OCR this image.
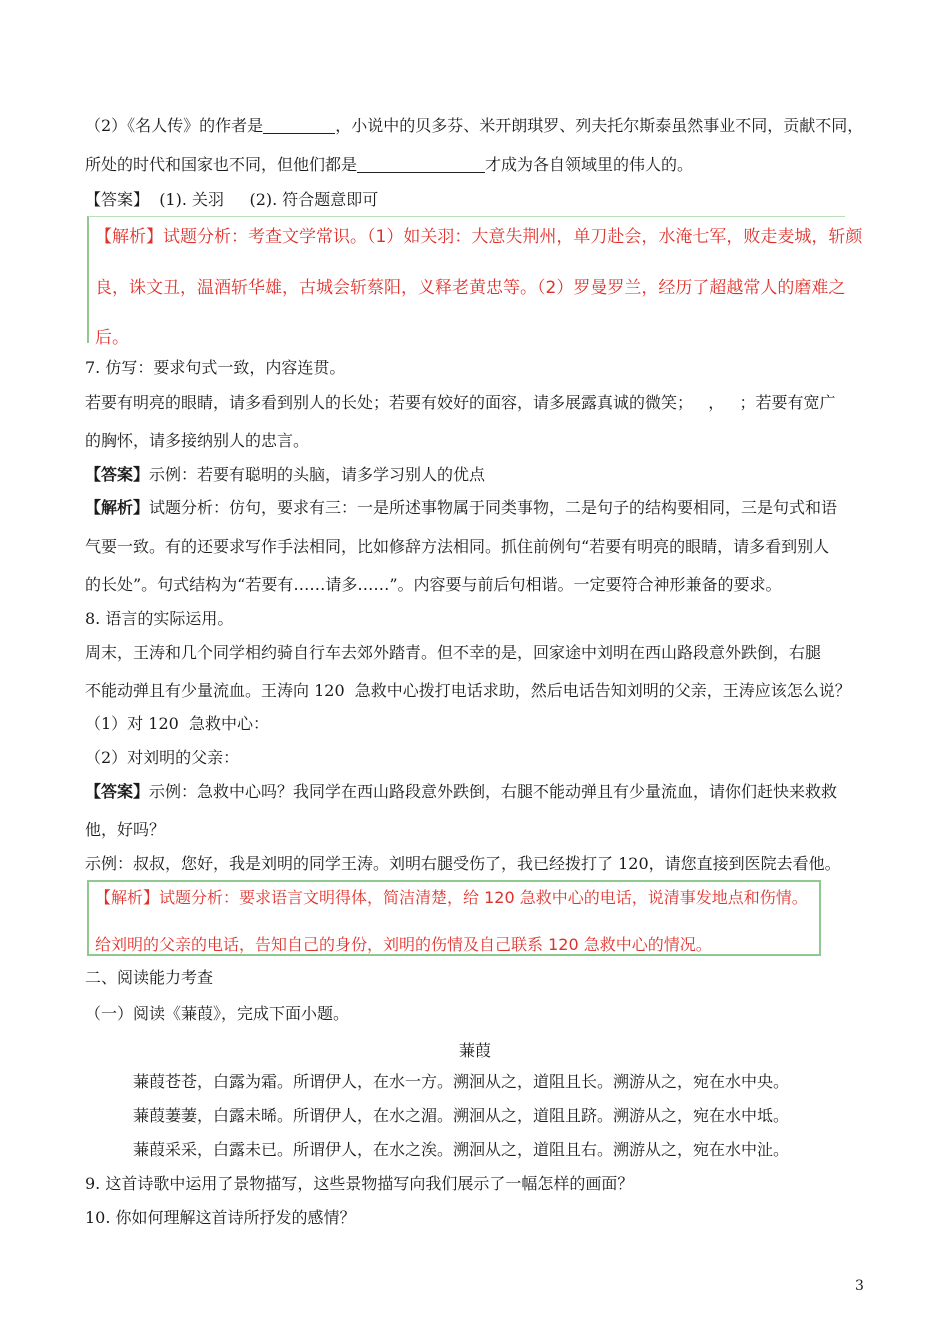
（2）《名人传》的作者是	，小说中的贝多芬、米开朗琪罗、列夫托尔斯泰虽然事业不同，贡献不同，
所处的时代和国家也不同，但他们都是	才成为各自领域里的伟人的。
【答案】  (1). 关羽     (2). 符合题意即可
【解析】试题分析：考查文学常识。（1）如关羽：大意失荆州，单刀赴会，水淹七军，败走麦城，斩颜
良，诛文丑，温酒斩华雄，古城会斩蔡阳，义释老黄忠等。（2）罗曼罗兰，经历了超越常人的磨难之
后。
7. 仿写：要求句式一致，内容连贯。
若要有明亮的眼睛，请多看到别人的长处；若要有姣好的面容，请多展露真诚的微笑；   ，   ；若要有宽广
的胸怀，请多接纳别人的忠言。
【答案】示例：若要有聪明的头脑，请多学习别人的优点
【解析】试题分析：仿句，要求有三：一是所述事物属于同类事物，二是句子的结构要相同，三是句式和语
气要一致。有的还要求写作手法相同，比如修辞方法相同。抓住前例句“若要有明亮的眼睛，请多看到别人
的长处”。句式结构为“若要有……请多……”。内容要与前后句相谐。一定要符合神形兼备的要求。
8. 语言的实际运用。
周末，王涛和几个同学相约骑自行车去郊外踏青。但不幸的是，回家途中刘明在西山路段意外跌倒，右腿
不能动弹且有少量流血。王涛向 120  急救中心拨打电话求助，然后电话告知刘明的父亲，王涛应该怎么说？
（1）对 120  急救中心：
（2）对刘明的父亲：
【答案】示例：急救中心吗？我同学在西山路段意外跌倒，右腿不能动弹且有少量流血，请你们赶快来救救
他，好吗？
示例：叔叔，您好，我是刘明的同学王涛。刘明右腿受伤了，我已经拨打了 120，请您直接到医院去看他。
【解析】试题分析：要求语言文明得体，简洁清楚，给 120 急救中心的电话，说清事发地点和伤情。
给刘明的父亲的电话，告知自己的身份，刘明的伤情及自己联系 120 急救中心的情况。
二、阅读能力考查
（一）阅读《蒹葭》，完成下面小题。
蒹葭
蒹葭苍苍，白露为霜。所谓伊人，在水一方。溯洄从之，道阻且长。溯游从之，宛在水中央。
蒹葭萋萋，白露未晞。所谓伊人，在水之湄。溯洄从之，道阻且跻。溯游从之，宛在水中坻。
蒹葭采采，白露未已。所谓伊人，在水之涘。溯洄从之，道阻且右。溯游从之，宛在水中沚。
9. 这首诗歌中运用了景物描写，这些景物描写向我们展示了一幅怎样的画面？
10. 你如何理解这首诗所抒发的感情？
3
